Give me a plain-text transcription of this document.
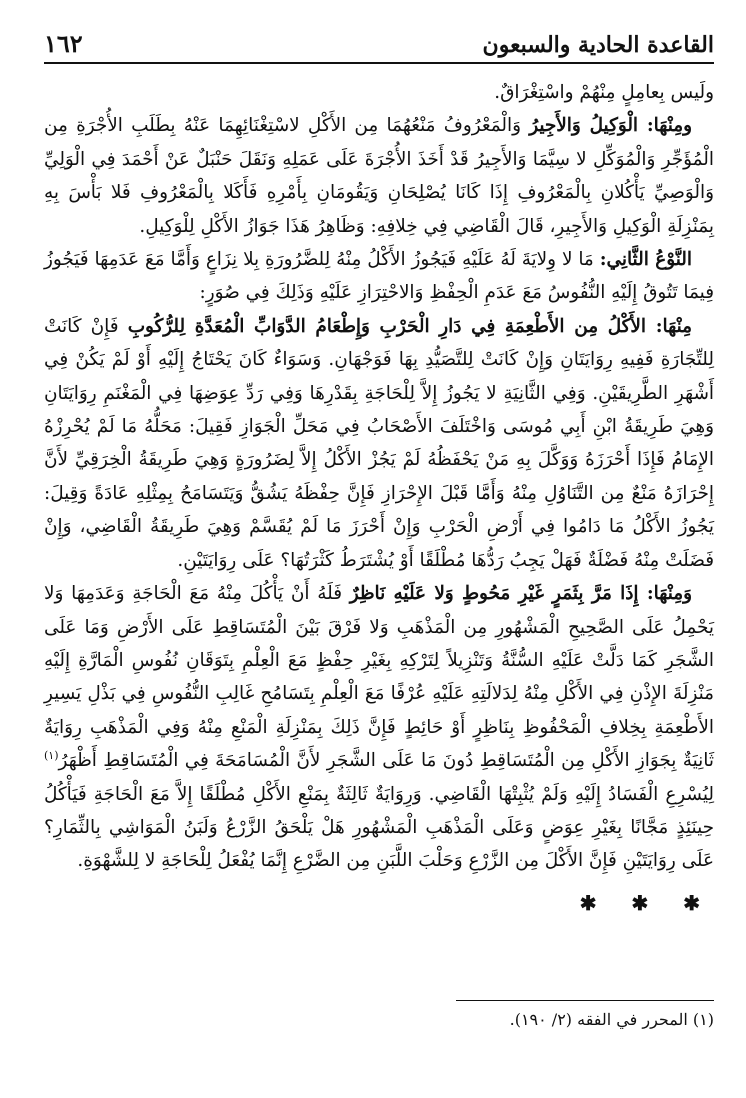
١٦٢	القاعدة الحادية والسبعون

ولَيس بِعامِلٍ مِنْهُمْ واسْتِغْرَاقٌ.

ومِنْهَا: الْوَكِيلُ وَالأَجِيرُ وَالْمَعْرُوفُ مَنْعُهُمَا مِن الأَكْلِ لاسْتِغْنَائِهِمَا عَنْهُ بِطَلَبِ الأُجْرَةِ مِن الْمُؤَجِّرِ وَالْمُوَكِّلِ لا سِيَّمَا وَالأَجِيرُ قَدْ أَخَذَ الأُجْرَةَ عَلَى عَمَلِهِ وَنَقَلَ حَنْبَلٌ عَنْ أَحْمَدَ فِي الْوَلِيِّ وَالْوَصِيِّ يَأْكُلانِ بِالْمَعْرُوفِ إِذَا كَانَا يُصْلِحَانِ وَيَقُومَانِ بِأَمْرِهِ فَأَكَلا بِالْمَعْرُوفِ فَلا بَأْسَ بِهِ بِمَنْزِلَةِ الْوَكِيلِ وَالأَجِيرِ، قَالَ الْقَاضِي فِي خِلافِهِ: وَظَاهِرُ هَذَا جَوَازُ الأَكْلِ لِلْوَكِيلِ.

النَّوْعُ الثَّانِي: مَا لا وِلايَةَ لَهُ عَلَيْهِ فَيَجُوزُ الأَكْلُ مِنْهُ لِلضَّرُورَةِ بِلا نِزَاعٍ وَأَمَّا مَعَ عَدَمِهَا فَيَجُوزُ فِيمَا تَتُوقُ إِلَيْهِ النُّفُوسُ مَعَ عَدَمِ الْحِفْظِ وَالاحْتِرَازِ عَلَيْهِ وَذَلِكَ فِي صُوَرٍ:

مِنْهَا: الأَكْلُ مِن الأَطْعِمَةِ فِي دَارِ الْحَرْبِ وَإِطْعَامُ الدَّوَابِّ الْمُعَدَّةِ لِلرُّكُوبِ فَإِنْ كَانَتْ لِلتِّجَارَةِ فَفِيهِ رِوَايَتَانِ وَإِنْ كَانَتْ لِلتَّصَيُّدِ بِهَا فَوَجْهَانِ. وَسَوَاءٌ كَانَ يَحْتَاجُ إِلَيْهِ أَوْ لَمْ يَكُنْ فِي أَشْهَرِ الطَّرِيقَيْنِ. وَفِي الثَّانِيَةِ لا يَجُوزُ إِلاَّ لِلْحَاجَةِ بِقَدْرِهَا وَفِي رَدِّ عِوَضِهَا فِي الْمَغْنَمِ رِوَايَتَانِ وَهِيَ طَرِيقَةُ ابْنِ أَبِي مُوسَى وَاخْتَلَفَ الأَصْحَابُ فِي مَحَلِّ الْجَوَازِ فَقِيلَ: مَحَلُّهُ مَا لَمْ يُحْرِزْهُ الإِمَامُ فَإِذَا أَحْرَزَهُ وَوَكَّلَ بِهِ مَنْ يَحْفَظُهُ لَمْ يَجُزْ الأَكْلُ إِلاَّ لِضَرُورَةٍ وَهِيَ طَرِيقَةُ الْخِرَقِيِّ لأَنَّ إِحْرَازَهُ مَنْعٌ مِن التَّنَاوُلِ مِنْهُ وَأَمَّا قَبْلَ الإِحْرَازِ فَإِنَّ حِفْظَهُ يَشُقُّ وَيَتَسَامَحُ بِمِثْلِهِ عَادَةً وَقِيلَ: يَجُوزُ الأَكْلُ مَا دَامُوا فِي أَرْضِ الْحَرْبِ وَإِنْ أَحْرَزَ مَا لَمْ يُقَسَّمْ وَهِيَ طَرِيقَةُ الْقَاضِي، وَإِنْ فَضَلَتْ مِنْهُ فَضْلَةٌ فَهَلْ يَجِبُ رَدُّهَا مُطْلَقًا أَوْ يُشْتَرَطُ كَثْرَتُهَا؟ عَلَى رِوَايَتَيْنِ.

وَمِنْهَا: إِذَا مَرَّ بِثَمَرٍ غَيْرِ مَحُوطٍ وَلا عَلَيْهِ نَاظِرٌ فَلَهُ أَنْ يَأْكُلَ مِنْهُ مَعَ الْحَاجَةِ وَعَدَمِهَا وَلا يَحْمِلُ عَلَى الصَّحِيحِ الْمَشْهُورِ مِن الْمَذْهَبِ وَلا فَرْقَ بَيْنَ الْمُتَسَاقِطِ عَلَى الأَرْضِ وَمَا عَلَى الشَّجَرِ كَمَا دَلَّتْ عَلَيْهِ السُّنَّةُ وَتَنْزِيلاً لِتَرْكِهِ بِغَيْرِ حِفْظٍ مَعَ الْعِلْمِ بِتَوَقَانِ نُفُوسِ الْمَارَّةِ إِلَيْهِ مَنْزِلَةَ الإِذْنِ فِي الأَكْلِ مِنْهُ لِدَلالَتِهِ عَلَيْهِ عُرْفًا مَعَ الْعِلْمِ بِتَسَامُحِ غَالِبِ النُّفُوسِ فِي بَذْلِ يَسِيرِ الأَطْعِمَةِ بِخِلافِ الْمَحْفُوظِ بِنَاظِرٍ أَوْ حَائِطٍ فَإِنَّ ذَلِكَ بِمَنْزِلَةِ الْمَنْعِ مِنْهُ وَفِي الْمَذْهَبِ رِوَايَةٌ ثَانِيَةٌ بِجَوَازِ الأَكْلِ مِن الْمُتَسَاقِطِ دُونَ مَا عَلَى الشَّجَرِ لأَنَّ الْمُسَامَحَةَ فِي الْمُتَسَاقِطِ أَظْهَرُ$^{(١)}$ لِيُسْرِعِ الْفَسَادُ إِلَيْهِ وَلَمْ يُثْبِتْهَا الْقَاضِي. وَرِوَايَةٌ ثَالِثَةٌ بِمَنْعِ الأَكْلِ مُطْلَقًا إِلاَّ مَعَ الْحَاجَةِ فَيَأْكُلُ حِينَئِذٍ مَجَّانًا بِغَيْرِ عِوَضٍ وَعَلَى الْمَذْهَبِ الْمَشْهُورِ هَلْ يَلْحَقُ الزَّرْعُ وَلَبَنُ الْمَوَاشِي بِالثِّمَارِ؟ عَلَى رِوَايَتَيْنِ فَإِنَّ الأَكْلَ مِن الزَّرْعِ وَحَلْبَ اللَّبَنِ مِن الضَّرْعِ إِنَّمَا يُفْعَلُ لِلْحَاجَةِ لا لِلشَّهْوَةِ.

✱ ✱ ✱
(١) المحرر في الفقه (٢/ ١٩٠).
